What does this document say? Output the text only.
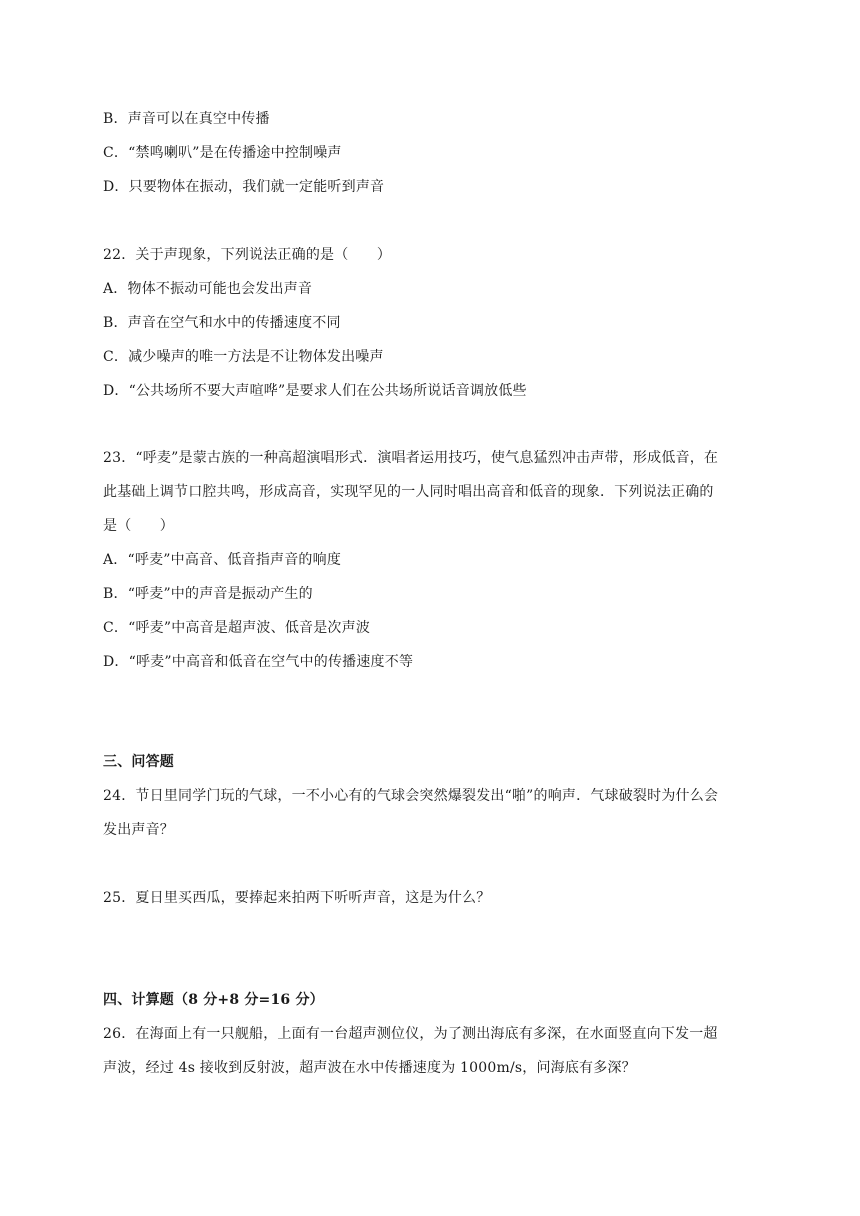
B．声音可以在真空中传播
C．“禁鸣喇叭”是在传播途中控制噪声
D．只要物体在振动，我们就一定能听到声音
22．关于声现象，下列说法正确的是（　　）
A．物体不振动可能也会发出声音
B．声音在空气和水中的传播速度不同
C．减少噪声的唯一方法是不让物体发出噪声
D．“公共场所不要大声喧哗”是要求人们在公共场所说话音调放低些
23．“呼麦”是蒙古族的一种高超演唱形式．演唱者运用技巧，使气息猛烈冲击声带，形成低音，在
此基础上调节口腔共鸣，形成高音，实现罕见的一人同时唱出高音和低音的现象．下列说法正确的
是（　　）
A．“呼麦”中高音、低音指声音的响度
B．“呼麦”中的声音是振动产生的
C．“呼麦”中高音是超声波、低音是次声波
D．“呼麦”中高音和低音在空气中的传播速度不等
三、问答题
24．节日里同学门玩的气球，一不小心有的气球会突然爆裂发出“啪”的响声．气球破裂时为什么会
发出声音？
25．夏日里买西瓜，要捧起来拍两下听听声音，这是为什么？
四、计算题（8 分+8 分=16 分）
26．在海面上有一只舰船，上面有一台超声测位仪，为了测出海底有多深，在水面竖直向下发一超
声波，经过 4s 接收到反射波，超声波在水中传播速度为 1000m/s，问海底有多深？
